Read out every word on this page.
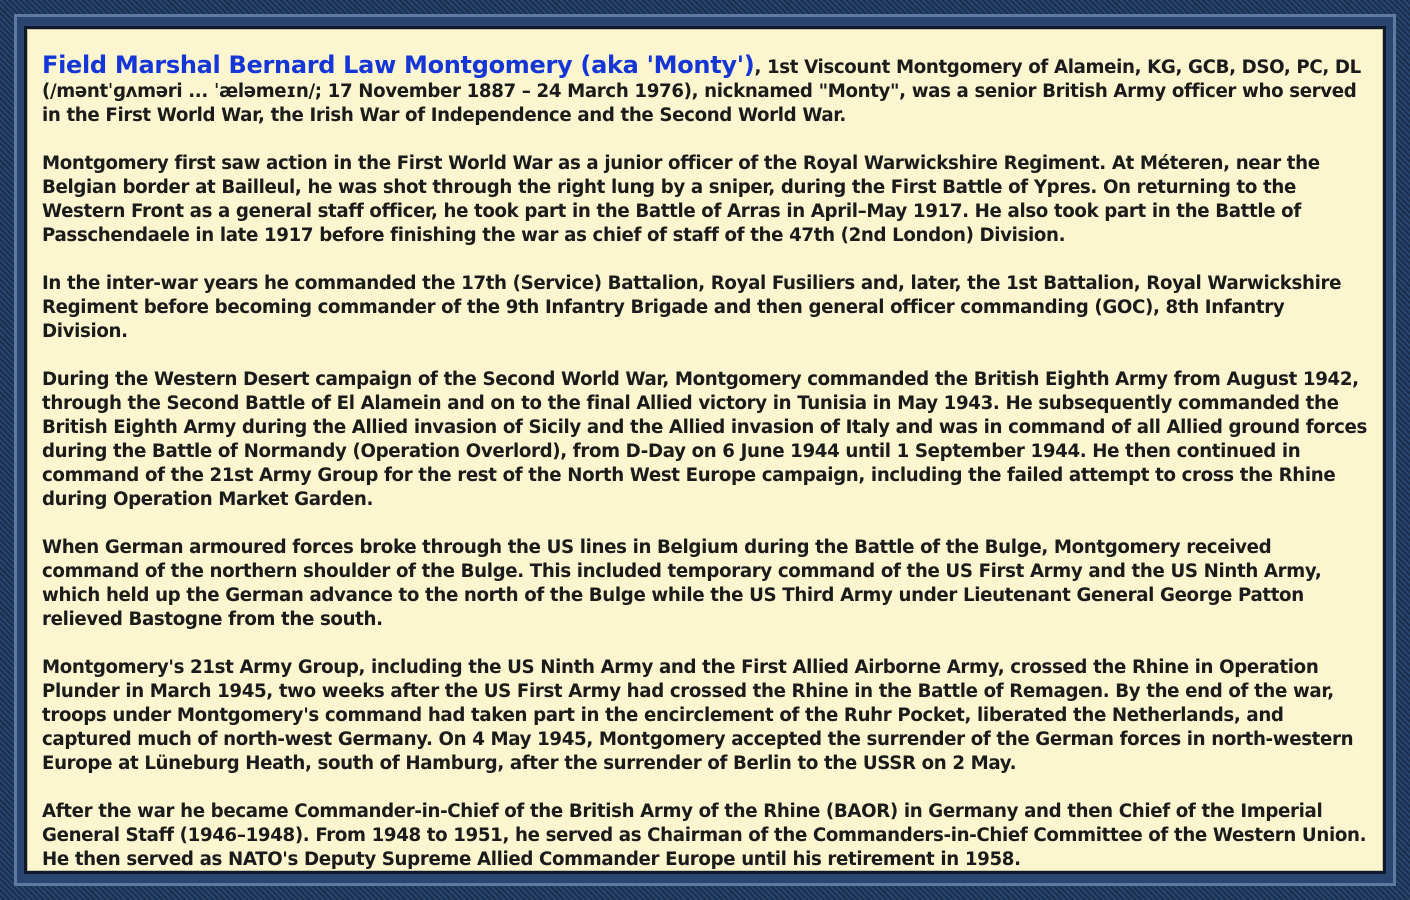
Field Marshal Bernard Law Montgomery (aka 'Monty'), 1st Viscount Montgomery of Alamein, KG, GCB, DSO, PC, DL (/məntˈɡʌməri ... ˈæləmeɪn/; 17 November 1887 – 24 March 1976), nicknamed "Monty", was a senior British Army officer who served in the First World War, the Irish War of Independence and the Second World War.

Montgomery first saw action in the First World War as a junior officer of the Royal Warwickshire Regiment. At Méteren, near the Belgian border at Bailleul, he was shot through the right lung by a sniper, during the First Battle of Ypres. On returning to the Western Front as a general staff officer, he took part in the Battle of Arras in April–May 1917. He also took part in the Battle of Passchendaele in late 1917 before finishing the war as chief of staff of the 47th (2nd London) Division.

In the inter-war years he commanded the 17th (Service) Battalion, Royal Fusiliers and, later, the 1st Battalion, Royal Warwickshire Regiment before becoming commander of the 9th Infantry Brigade and then general officer commanding (GOC), 8th Infantry Division.

During the Western Desert campaign of the Second World War, Montgomery commanded the British Eighth Army from August 1942, through the Second Battle of El Alamein and on to the final Allied victory in Tunisia in May 1943. He subsequently commanded the British Eighth Army during the Allied invasion of Sicily and the Allied invasion of Italy and was in command of all Allied ground forces during the Battle of Normandy (Operation Overlord), from D-Day on 6 June 1944 until 1 September 1944. He then continued in command of the 21st Army Group for the rest of the North West Europe campaign, including the failed attempt to cross the Rhine during Operation Market Garden.

When German armoured forces broke through the US lines in Belgium during the Battle of the Bulge, Montgomery received command of the northern shoulder of the Bulge. This included temporary command of the US First Army and the US Ninth Army, which held up the German advance to the north of the Bulge while the US Third Army under Lieutenant General George Patton relieved Bastogne from the south.

Montgomery's 21st Army Group, including the US Ninth Army and the First Allied Airborne Army, crossed the Rhine in Operation Plunder in March 1945, two weeks after the US First Army had crossed the Rhine in the Battle of Remagen. By the end of the war, troops under Montgomery's command had taken part in the encirclement of the Ruhr Pocket, liberated the Netherlands, and captured much of north-west Germany. On 4 May 1945, Montgomery accepted the surrender of the German forces in north-western Europe at Lüneburg Heath, south of Hamburg, after the surrender of Berlin to the USSR on 2 May.

After the war he became Commander-in-Chief of the British Army of the Rhine (BAOR) in Germany and then Chief of the Imperial General Staff (1946–1948). From 1948 to 1951, he served as Chairman of the Commanders-in-Chief Committee of the Western Union. He then served as NATO's Deputy Supreme Allied Commander Europe until his retirement in 1958.
